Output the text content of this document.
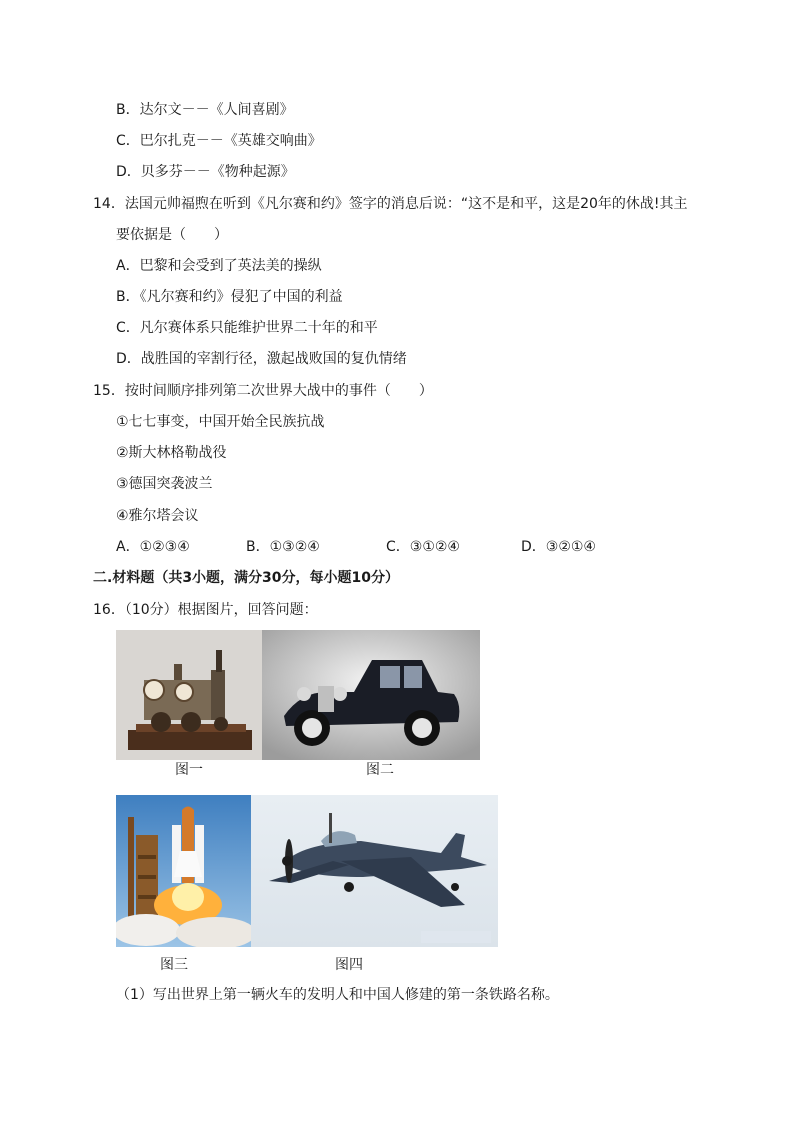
B．达尔文－－《人间喜剧》
C．巴尔扎克－－《英雄交响曲》
D．贝多芬－－《物种起源》
14．法国元帅福煦在听到《凡尔赛和约》签字的消息后说：“这不是和平，这是20年的休战!其主
要依据是（　　）
A．巴黎和会受到了英法美的操纵
B．《凡尔赛和约》侵犯了中国的利益
C．凡尔赛体系只能维护世界二十年的和平
D．战胜国的宰割行径，激起战败国的复仇情绪
15．按时间顺序排列第二次世界大战中的事件（　　）
①七七事变，中国开始全民族抗战
②斯大林格勒战役
③德国突袭波兰
④雅尔塔会议
A．①②③④	B．①③②④	C．③①②④	D．③②①④
二.材料题（共3小题，满分30分，每小题10分）
16．（10分）根据图片，回答问题：
图一	图二
图三	图四
（1）写出世界上第一辆火车的发明人和中国人修建的第一条铁路名称。
